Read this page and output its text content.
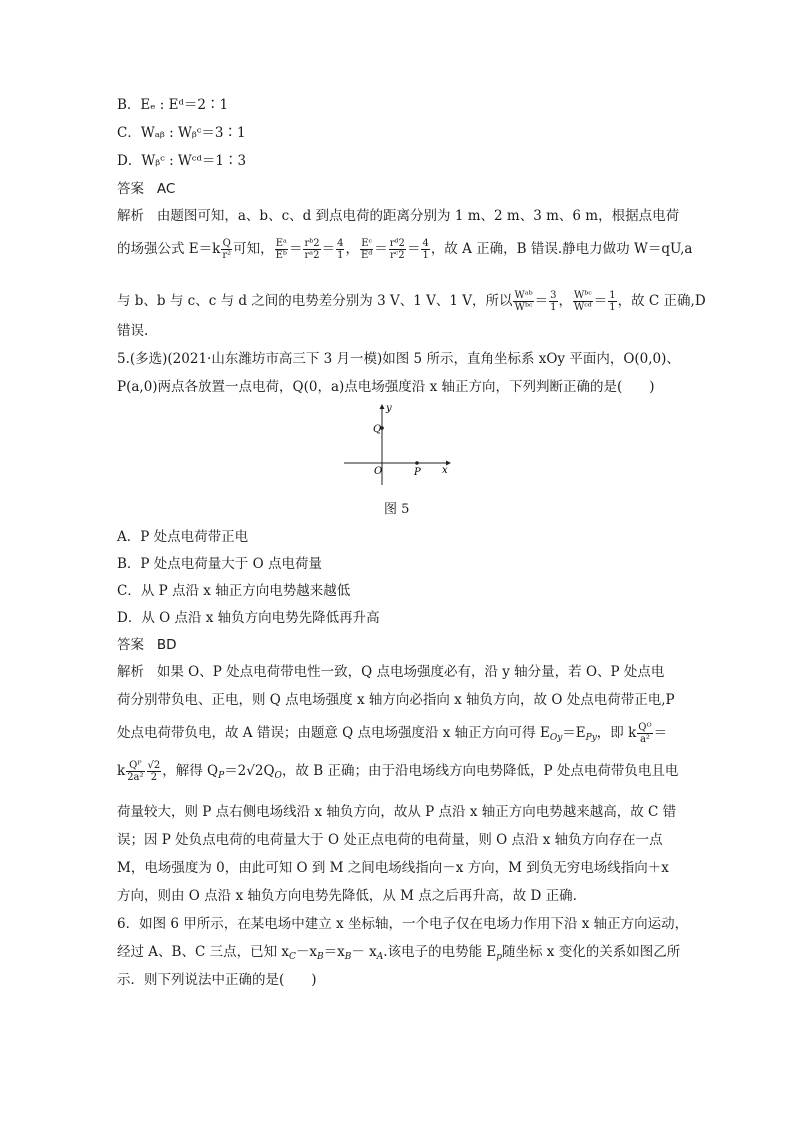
B．Eₑ : Eᵈ＝2∶1
C．Wₐᵦ : Wᵦᶜ＝3∶1
D．Wᵦᶜ : Wᶜᵈ＝1∶3
答案 AC
解析 由题图可知，a、b、c、d 到点电荷的距离分别为 1 m、2 m、3 m、6 m，根据点电荷
的场强公式 $E=k \frac{Q}{\text{r²}}$ 可知， $\frac{\text{Eᵃ}}{\text{Eᵇ}} = \frac{\text{rᵇ2}}{\text{rᵃ2}} = \frac{4}{1}$ ， $\frac{\text{Eᶜ}}{\text{Eᵈ}} = \frac{\text{rᵈ2}}{\text{rᶜ2}} = \frac{4}{1}$ ，故 A 正确，B 错误.静电力做功 W＝qU,a
与 b、b 与 c、c 与 d 之间的电势差分别为 3 V、1 V、1 V，所以 $\frac{\text{Wᵃᵇ}}{\text{Wᵇᶜ}} = \frac{3}{1}$ ， $\frac{\text{Wᵇᶜ}}{\text{Wᶜᵈ}} = \frac{1}{1}$ ，故 C 正确,D
错误.
5.(多选)(2021·山东潍坊市高三下 3 月一模)如图 5 所示，直角坐标系 xOy 平面内，O(0,0)、
P(a,0)两点各放置一点电荷，Q(0，a)点电场强度沿 x 轴正方向，下列判断正确的是(　　)
y
x
Q
O	P
图 5
A．P 处点电荷带正电
B．P 处点电荷量大于 O 点电荷量
C．从 P 点沿 x 轴正方向电势越来越低
D．从 O 点沿 x 轴负方向电势先降低再升高
答案 BD
解析 如果 O、P 处点电荷带电性一致，Q 点电场强度必有，沿 y 轴分量，若 O、P 处点电
荷分别带负电、正电，则 Q 点电场强度 x 轴方向必指向 x 轴负方向，故 O 处点电荷带正电,P
处点电荷带负电，故 A 错误；由题意 Q 点电场强度沿 x 轴正方向可得 $E_{Oy}=E_{Py}$，即 k $\frac{\text{Qᴼ}}{\text{a²}}$ ＝
k $\frac{\text{Qᴾ}}{\text{2a²}} \frac{√2}{2}$ ，解得 $Q_P=2√2Q_O$，故 B 正确；由于沿电场线方向电势降低，P 处点电荷带负电且电
荷量较大，则 P 点右侧电场线沿 x 轴负方向，故从 P 点沿 x 轴正方向电势越来越高，故 C 错
误；因 P 处负点电荷的电荷量大于 O 处正点电荷的电荷量，则 O 点沿 x 轴负方向存在一点
M，电场强度为 0，由此可知 O 到 M 之间电场线指向－x 方向，M 到负无穷电场线指向＋x
方向，则由 O 点沿 x 轴负方向电势先降低，从 M 点之后再升高，故 D 正确.
6．如图 6 甲所示，在某电场中建立 x 坐标轴，一个电子仅在电场力作用下沿 x 轴正方向运动，
经过 A、B、C 三点，已知 $x_C-x_B=x_B- x_A$.该电子的电势能 $E_p$随坐标 x 变化的关系如图乙所
示．则下列说法中正确的是(　　)
